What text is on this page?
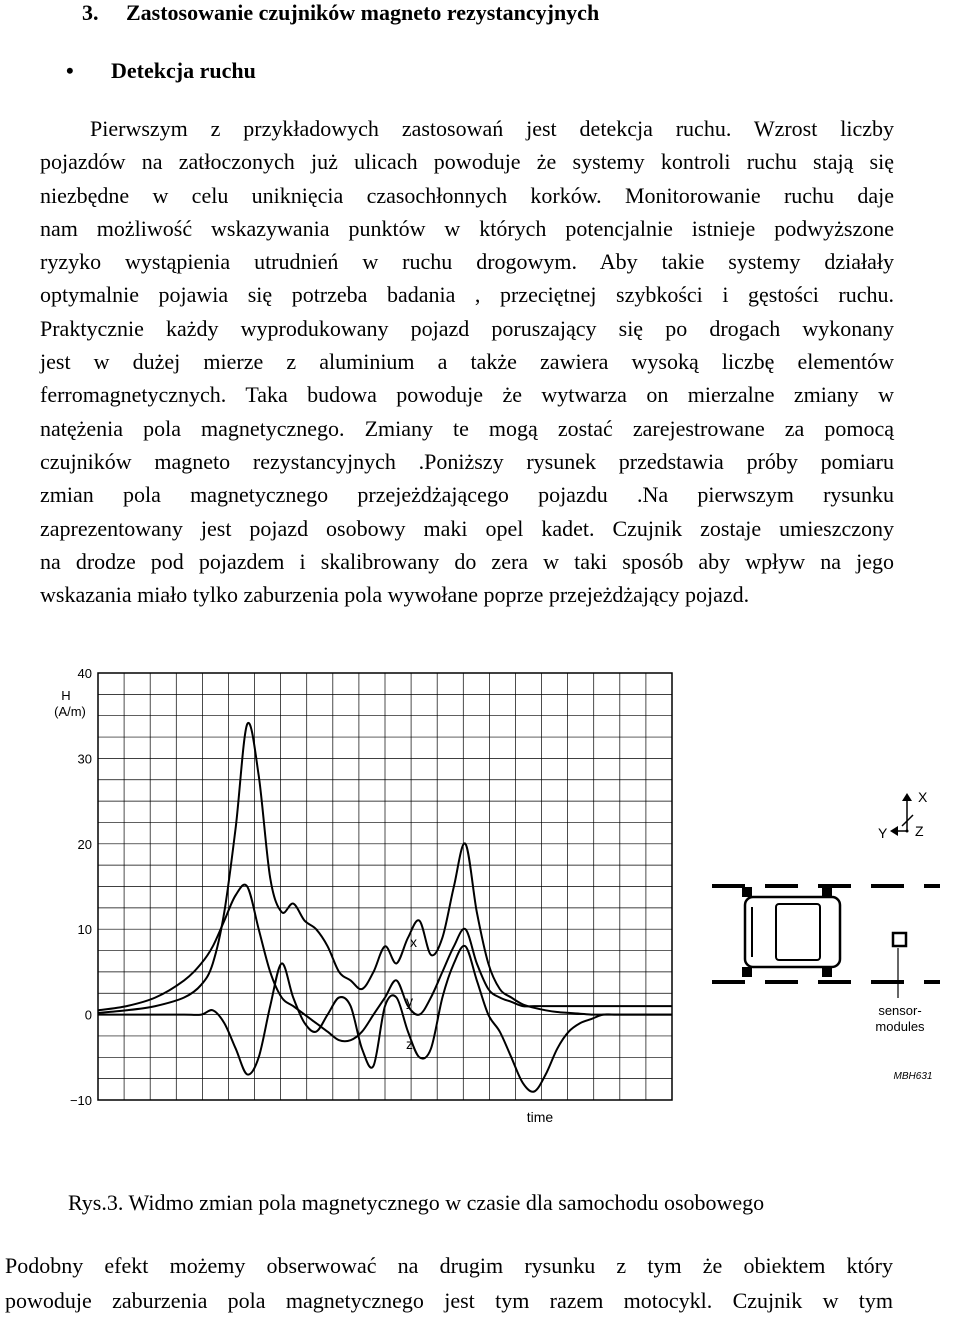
3. Zastosowanie czujników magneto rezystancyjnych
• Detekcja ruchu
Pierwszym z przykładowych zastosowań jest detekcja ruchu. Wzrost liczby
pojazdów na zatłoczonych już ulicach powoduje że systemy kontroli ruchu stają się
niezbędne w celu uniknięcia czasochłonnych korków. Monitorowanie ruchu daje
nam możliwość wskazywania punktów w których potencjalnie istnieje podwyższone
ryzyko wystąpienia utrudnień w ruchu drogowym. Aby takie systemy działały
optymalnie pojawia się potrzeba badania , przeciętnej szybkości i gęstości ruchu.
Praktycznie każdy wyprodukowany pojazd poruszający się po drogach wykonany
jest w dużej mierze z aluminium a także zawiera wysoką liczbę elementów
ferromagnetycznych. Taka budowa powoduje że wytwarza on mierzalne zmiany w
natężenia pola magnetycznego. Zmiany te mogą zostać zarejestrowane za pomocą
czujników magneto rezystancyjnych .Poniższy rysunek przedstawia próby pomiaru
zmian pola magnetycznego przejeżdżającego pojazdu .Na pierwszym rysunku
zaprezentowany jest pojazd osobowy maki opel kadet. Czujnik zostaje umieszczony
na drodze pod pojazdem i skalibrowany do zera w taki sposób aby wpływ na jego
wskazania miało tylko zaburzenia pola wywołane poprze przejeżdżający pojazd.
−10
0
10
20
30
40
H
(A/m)
time
x
y
z
X
Y Z
sensor-
modules
MBH631
Rys.3. Widmo zmian pola magnetycznego w czasie dla samochodu osobowego
Podobny efekt możemy obserwować na drugim rysunku z tym że obiektem który
powoduje zaburzenia pola magnetycznego jest tym razem motocykl. Czujnik w tym
